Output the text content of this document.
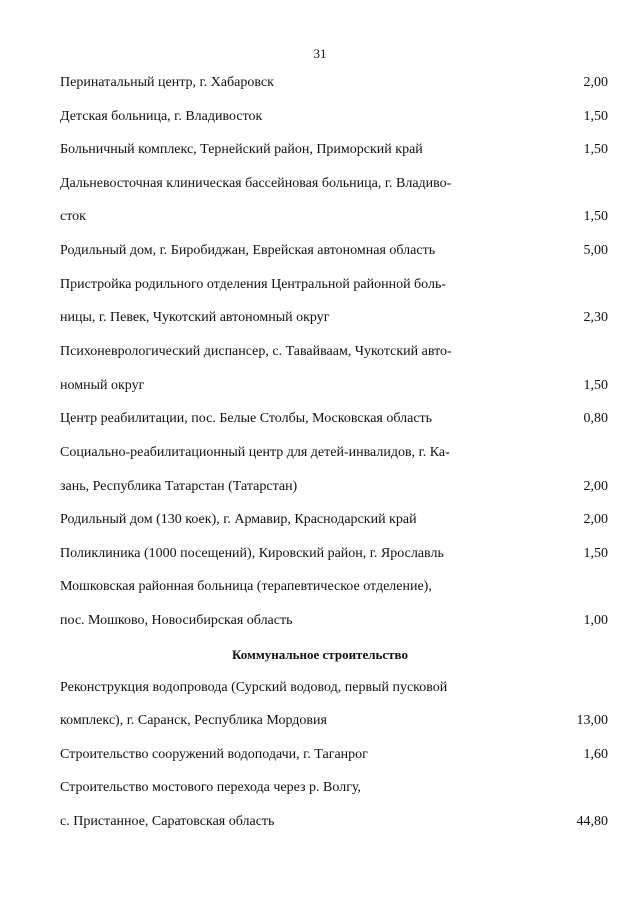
31
Перинатальный центр, г. Хабаровск	2,00
Детская больница, г. Владивосток	1,50
Больничный комплекс, Тернейский район, Приморский край	1,50
Дальневосточная клиническая бассейновая больница, г. Владиво-
сток	1,50
Родильный дом, г. Биробиджан, Еврейская автономная область	5,00
Пристройка родильного отделения Центральной районной боль-
ницы, г. Певек, Чукотский автономный округ	2,30
Психоневрологический диспансер, с. Тавайваам, Чукотский авто-
номный округ	1,50
Центр реабилитации, пос. Белые Столбы, Московская область	0,80
Социально-реабилитационный центр для детей-инвалидов, г. Ка-
зань, Республика Татарстан (Татарстан)	2,00
Родильный дом (130 коек), г. Армавир, Краснодарский край	2,00
Поликлиника (1000 посещений), Кировский район, г. Ярославль	1,50
Мошковская районная больница (терапевтическое отделение),
пос. Мошково, Новосибирская область	1,00
Коммунальное строительство
Реконструкция водопровода (Сурский водовод, первый пусковой
комплекс), г. Саранск, Республика Мордовия	13,00
Строительство сооружений водоподачи, г. Таганрог	1,60
Строительство мостового перехода через р. Волгу,
с. Пристанное, Саратовская область	44,80
